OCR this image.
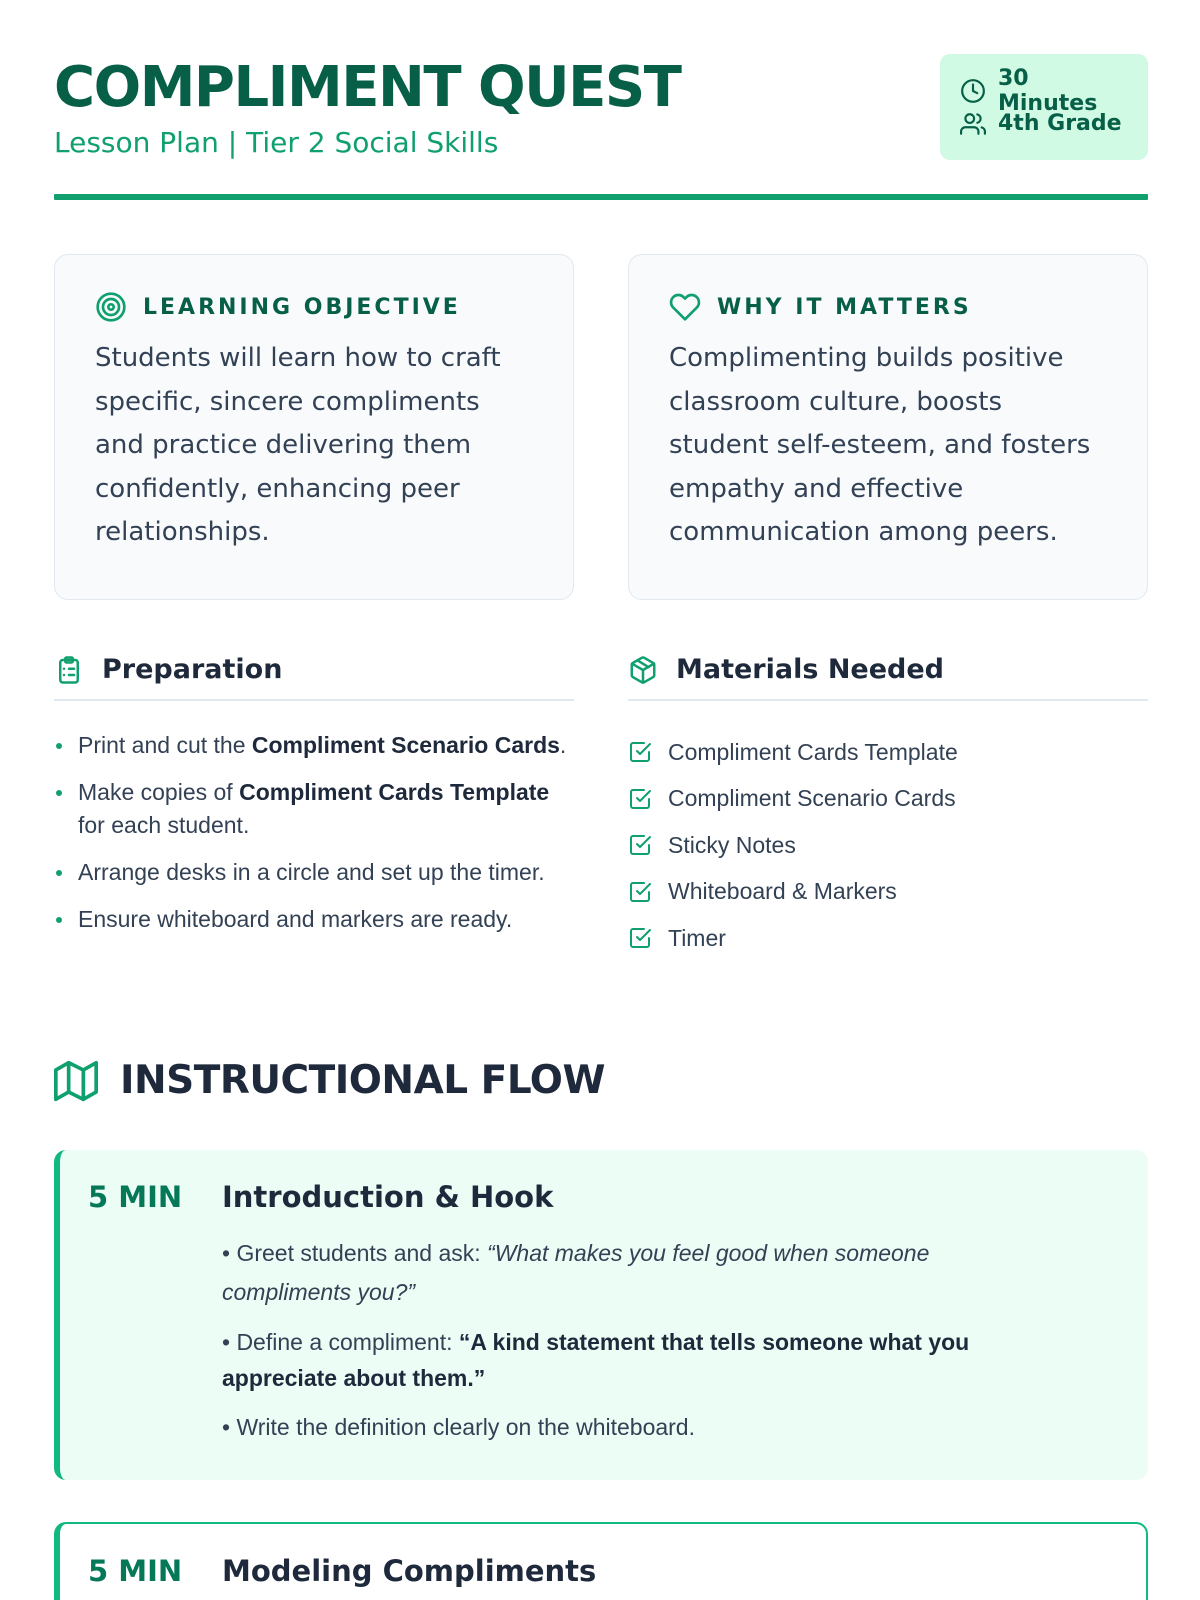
COMPLIMENT QUEST
Lesson Plan | Tier 2 Social Skills
30 Minutes
4th Grade
LEARNING OBJECTIVE
Students will learn how to craft specific, sincere compliments and practice delivering them confidently, enhancing peer relationships.
WHY IT MATTERS
Complimenting builds positive classroom culture, boosts student self-esteem, and fosters empathy and effective communication among peers.
Preparation
Print and cut the Compliment Scenario Cards.
Make copies of Compliment Cards Template for each student.
Arrange desks in a circle and set up the timer.
Ensure whiteboard and markers are ready.
Materials Needed
Compliment Cards Template
Compliment Scenario Cards
Sticky Notes
Whiteboard & Markers
Timer
INSTRUCTIONAL FLOW
5 MIN Introduction & Hook

• Greet students and ask: “What makes you feel good when someone compliments you?”

• Define a compliment: “A kind statement that tells someone what you appreciate about them.”

• Write the definition clearly on the whiteboard.

5 MIN Modeling Compliments
